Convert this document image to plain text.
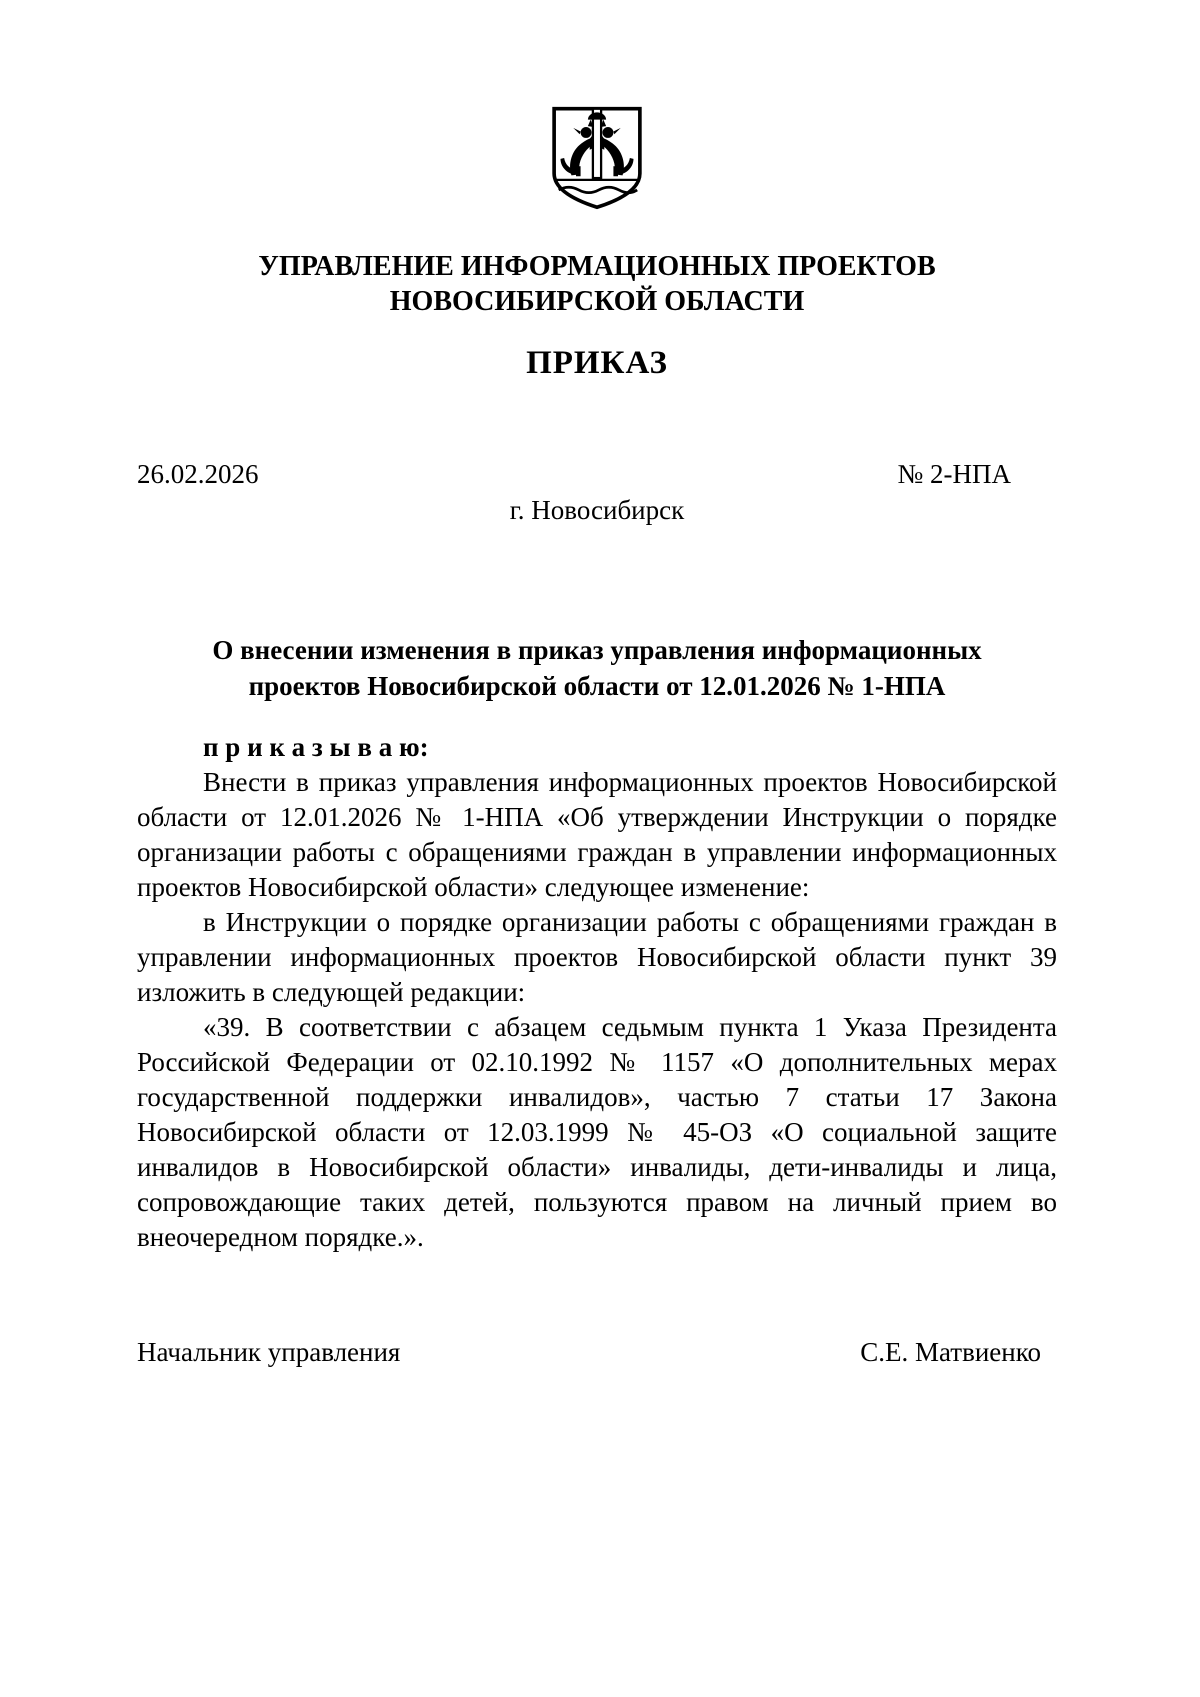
УПРАВЛЕНИЕ ИНФОРМАЦИОННЫХ ПРОЕКТОВ
НОВОСИБИРСКОЙ ОБЛАСТИ
ПРИКАЗ
26.02.2026	№ 2-НПА
г. Новосибирск
О внесении изменения в приказ управления информационных проектов Новосибирской области от 12.01.2026 № 1-НПА

п р и к а з ы в а ю:

Внести в приказ управления информационных проектов Новосибирской области от 12.01.2026 № 1-НПА «Об утверждении Инструкции о порядке организации работы с обращениями граждан в управлении информационных проектов Новосибирской области» следующее изменение:

в Инструкции о порядке организации работы с обращениями граждан в управлении информационных проектов Новосибирской области пункт 39 изложить в следующей редакции:

«39. В соответствии с абзацем седьмым пункта 1 Указа Президента Российской Федерации от 02.10.1992 № 1157 «О дополнительных мерах государственной поддержки инвалидов», частью 7 статьи 17 Закона Новосибирской области от 12.03.1999 № 45-ОЗ «О социальной защите инвалидов в Новосибирской области» инвалиды, дети-инвалиды и лица, сопровождающие таких детей, пользуются правом на личный прием во внеочередном порядке.».

Начальник управления	С.Е. Матвиенко
